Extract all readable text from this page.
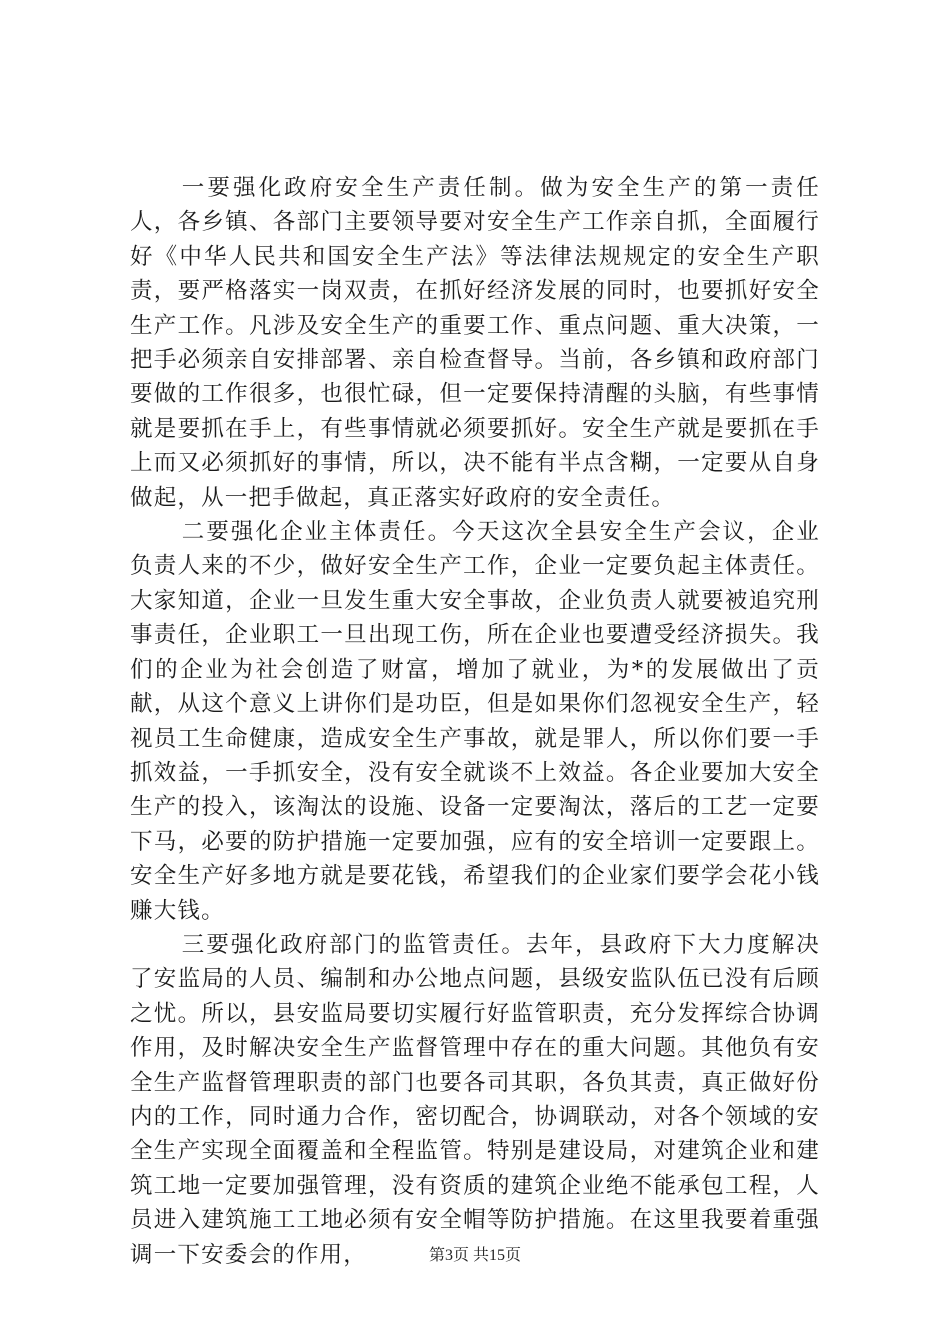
一要强化政府安全生产责任制。做为安全生产的第一责任人，各乡镇、各部门主要领导要对安全生产工作亲自抓，全面履行好《中华人民共和国安全生产法》等法律法规规定的安全生产职责，要严格落实一岗双责，在抓好经济发展的同时，也要抓好安全生产工作。凡涉及安全生产的重要工作、重点问题、重大决策，一把手必须亲自安排部署、亲自检查督导。当前，各乡镇和政府部门要做的工作很多，也很忙碌，但一定要保持清醒的头脑，有些事情就是要抓在手上，有些事情就必须要抓好。安全生产就是要抓在手上而又必须抓好的事情，所以，决不能有半点含糊，一定要从自身做起，从一把手做起，真正落实好政府的安全责任。

二要强化企业主体责任。今天这次全县安全生产会议，企业负责人来的不少，做好安全生产工作，企业一定要负起主体责任。大家知道，企业一旦发生重大安全事故，企业负责人就要被追究刑事责任，企业职工一旦出现工伤，所在企业也要遭受经济损失。我们的企业为社会创造了财富，增加了就业，为*的发展做出了贡献，从这个意义上讲你们是功臣，但是如果你们忽视安全生产，轻视员工生命健康，造成安全生产事故，就是罪人，所以你们要一手抓效益，一手抓安全，没有安全就谈不上效益。各企业要加大安全生产的投入，该淘汰的设施、设备一定要淘汰，落后的工艺一定要下马，必要的防护措施一定要加强，应有的安全培训一定要跟上。安全生产好多地方就是要花钱，希望我们的企业家们要学会花小钱赚大钱。

三要强化政府部门的监管责任。去年，县政府下大力度解决了安监局的人员、编制和办公地点问题，县级安监队伍已没有后顾之忧。所以，县安监局要切实履行好监管职责，充分发挥综合协调作用，及时解决安全生产监督管理中存在的重大问题。其他负有安全生产监督管理职责的部门也要各司其职，各负其责，真正做好份内的工作，同时通力合作，密切配合，协调联动，对各个领域的安全生产实现全面覆盖和全程监管。特别是建设局，对建筑企业和建筑工地一定要加强管理，没有资质的建筑企业绝不能承包工程，人员进入建筑施工工地必须有安全帽等防护措施。在这里我要着重强调一下安委会的作用，	第3页 共15页
